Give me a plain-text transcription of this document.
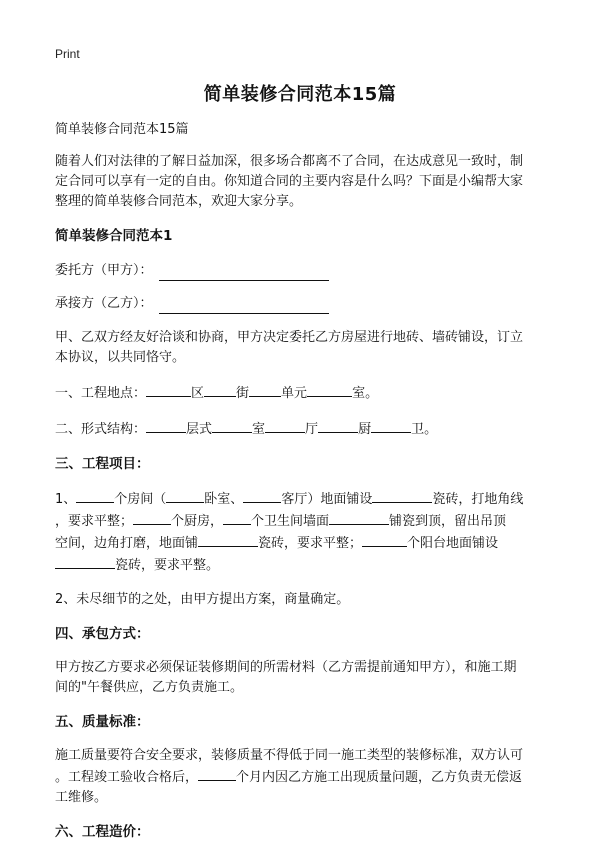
Print
简单装修合同范本15篇

简单装修合同范本15篇

随着人们对法律的了解日益加深，很多场合都离不了合同，在达成意见一致时，制

定合同可以享有一定的自由。你知道合同的主要内容是什么吗？下面是小编帮大家

整理的简单装修合同范本，欢迎大家分享。

简单装修合同范本1

委托方（甲方）：
承接方（乙方）：

甲、乙双方经友好洽谈和协商，甲方决定委托乙方房屋进行地砖、墙砖铺设，订立

本协议，以共同恪守。

一、工程地点：	区 街 单元	室。

二、形式结构：	层式	室	厅	厨	卫。

三、工程项目：

1、	个房间（	卧室、	客厅）地面铺设	瓷砖，打地角线

，要求平整；	个厨房， 个卫生间墙面	铺瓷到顶，留出吊顶

空间，边角打磨，地面铺	瓷砖，要求平整；	个阳台地面铺设

瓷砖，要求平整。

2、未尽细节的之处，由甲方提出方案，商量确定。

四、承包方式：

甲方按乙方要求必须保证装修期间的所需材料（乙方需提前通知甲方），和施工期

间的"午餐供应，乙方负责施工。

五、质量标准：

施工质量要符合安全要求，装修质量不得低于同一施工类型的装修标准，双方认可

。工程竣工验收合格后，	个月内因乙方施工出现质量问题，乙方负责无偿返

工维修。

六、工程造价：
